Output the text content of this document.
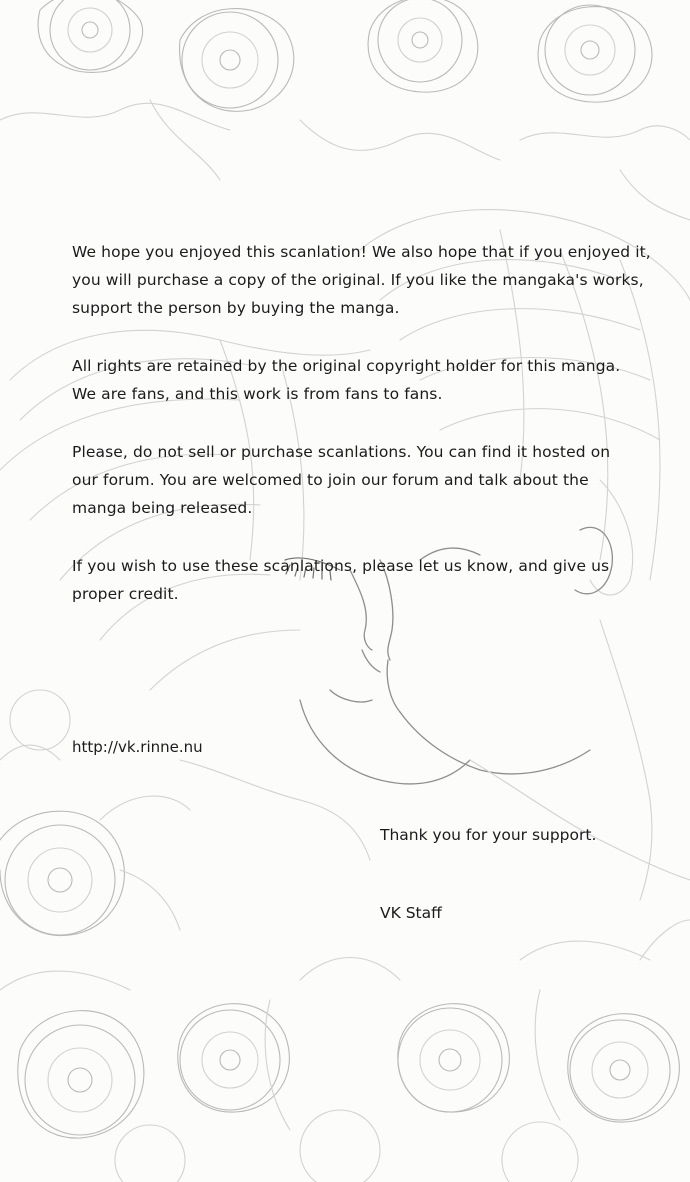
We hope you enjoyed this scanlation! We also hope that if you enjoyed it,
you will purchase a copy of the original. If you like the mangaka's works,
support the person by buying the manga.

All rights are retained by the original copyright holder for this manga.
We are fans, and this work is from fans to fans.

Please, do not sell or purchase scanlations. You can find it hosted on
our forum. You are welcomed to join our forum and talk about the
manga being released.

If you wish to use these scanlations, please let us know, and give us
proper credit.

http://vk.rinne.nu
Thank you for your support.
VK Staff
